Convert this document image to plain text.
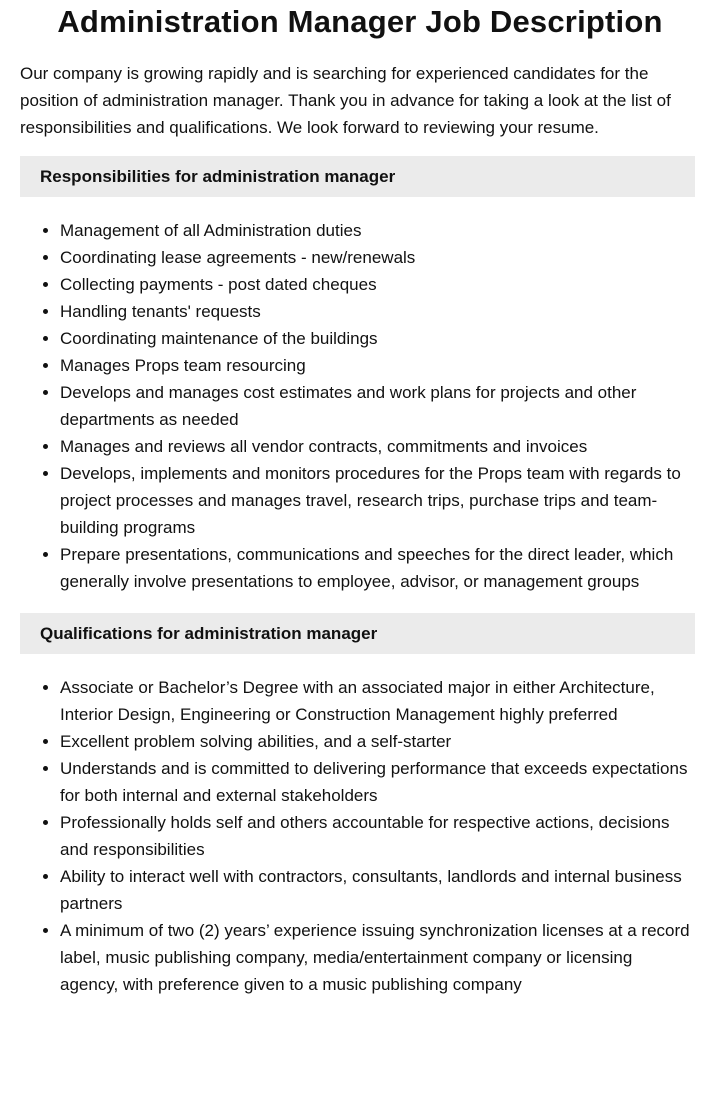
Administration Manager Job Description

Our company is growing rapidly and is searching for experienced candidates for the position of administration manager. Thank you in advance for taking a look at the list of responsibilities and qualifications. We look forward to reviewing your resume.

Responsibilities for administration manager
• Management of all Administration duties
• Coordinating lease agreements - new/renewals
• Collecting payments - post dated cheques
• Handling tenants' requests
• Coordinating maintenance of the buildings
• Manages Props team resourcing
• Develops and manages cost estimates and work plans for projects and other departments as needed
• Manages and reviews all vendor contracts, commitments and invoices
• Develops, implements and monitors procedures for the Props team with regards to project processes and manages travel, research trips, purchase trips and team-building programs
• Prepare presentations, communications and speeches for the direct leader, which generally involve presentations to employee, advisor, or management groups
Qualifications for administration manager
• Associate or Bachelor’s Degree with an associated major in either Architecture, Interior Design, Engineering or Construction Management highly preferred
• Excellent problem solving abilities, and a self-starter
• Understands and is committed to delivering performance that exceeds expectations for both internal and external stakeholders
• Professionally holds self and others accountable for respective actions, decisions and responsibilities
• Ability to interact well with contractors, consultants, landlords and internal business partners
• A minimum of two (2) years’ experience issuing synchronization licenses at a record label, music publishing company, media/entertainment company or licensing agency, with preference given to a music publishing company
